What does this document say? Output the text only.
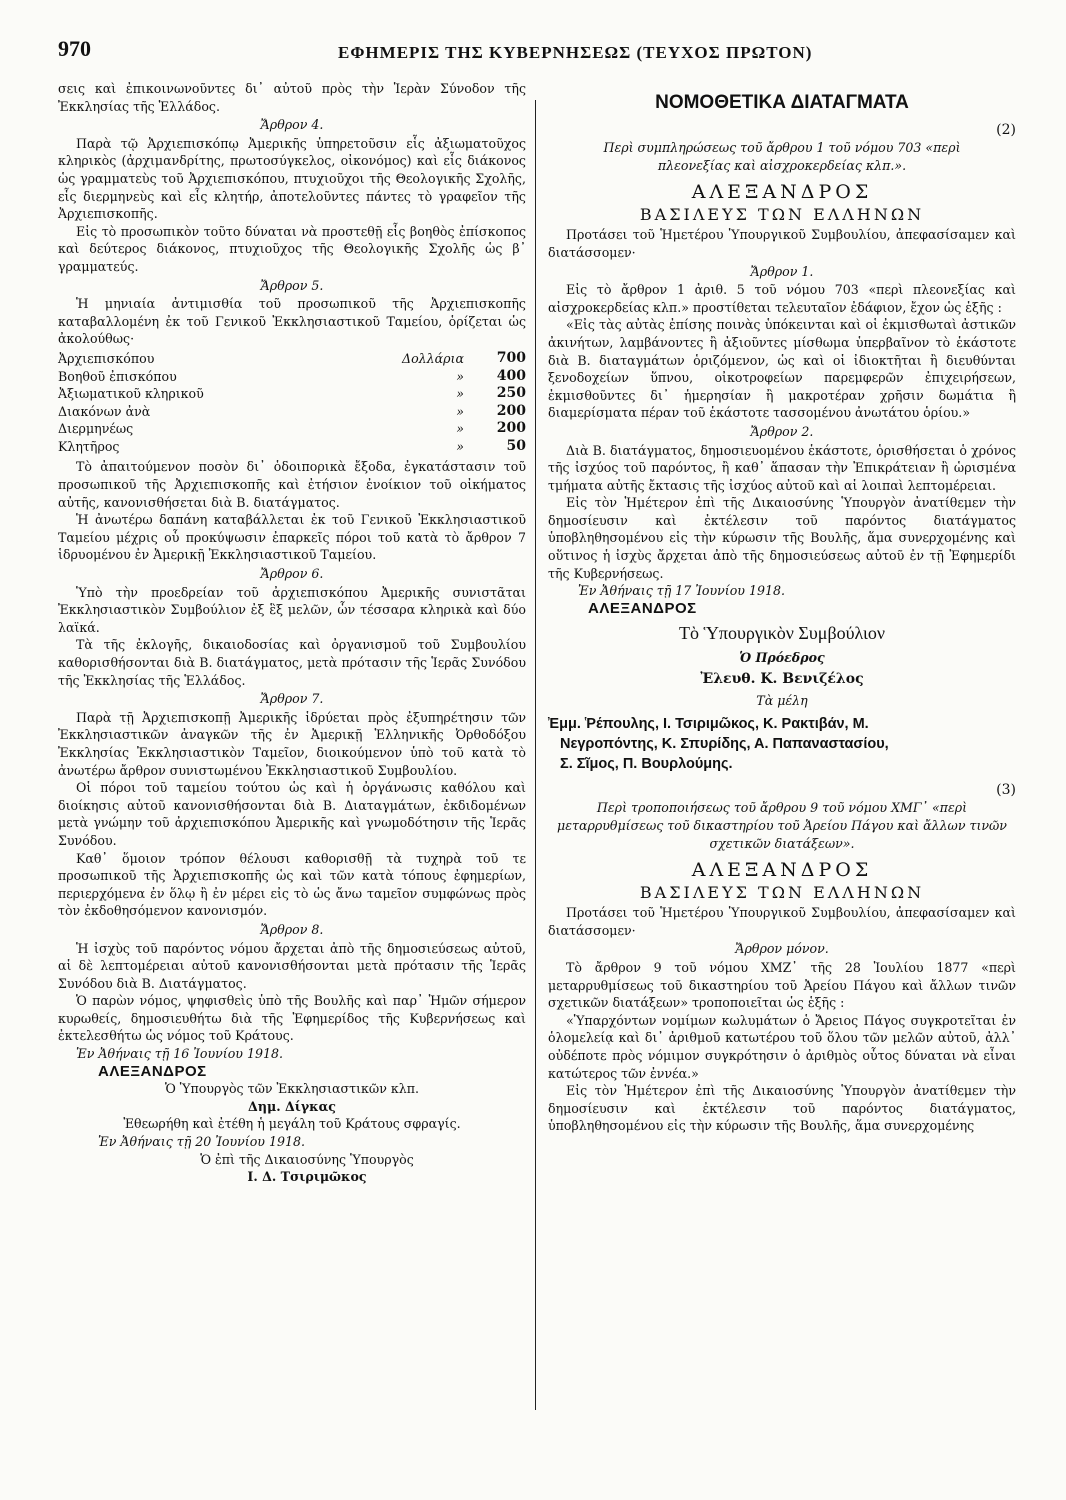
970	ΕΦΗΜΕΡΙΣ ΤΗΣ ΚΥΒΕΡΝΗΣΕΩΣ (ΤΕΥΧΟΣ ΠΡΩΤΟΝ)

σεις καὶ ἐπικοινωνοῦντες δι᾽ αὐτοῦ πρὸς τὴν Ἱερὰν Σύνοδον τῆς Ἐκκλησίας τῆς Ἑλλάδος.

Ἄρθρον 4.

Παρὰ τῷ Ἀρχιεπισκόπῳ Ἀμερικῆς ὑπηρετοῦσιν εἷς ἀξιωματοῦχος κληρικὸς (ἀρχιμανδρίτης, πρωτοσύγκελος, οἰκονόμος) καὶ εἷς διάκονος ὡς γραμματεὺς τοῦ Ἀρχιεπισκόπου, πτυχιοῦχοι τῆς Θεολογικῆς Σχολῆς, εἷς διερμηνεὺς καὶ εἷς κλητήρ, ἀποτελοῦντες πάντες τὸ γραφεῖον τῆς Ἀρχιεπισκοπῆς.

Εἰς τὸ προσωπικὸν τοῦτο δύναται νὰ προστεθῇ εἷς βοηθὸς ἐπίσκοπος καὶ δεύτερος διάκονος, πτυχιοῦχος τῆς Θεολογικῆς Σχολῆς ὡς β᾽ γραμματεύς.

Ἄρθρον 5.

Ἡ μηνιαία ἀντιμισθία τοῦ προσωπικοῦ τῆς Ἀρχιεπισκοπῆς καταβαλλομένη ἐκ τοῦ Γενικοῦ Ἐκκλησιαστικοῦ Ταμείου, ὁρίζεται ὡς ἀκολούθως·

Ἀρχιεπισκόπου	Δολλάρια	700
Βοηθοῦ ἐπισκόπου	»	400
Ἀξιωματικοῦ κληρικοῦ	»	250
Διακόνων ἀνὰ	»	200
Διερμηνέως	»	200
Κλητῆρος	»	50

Τὸ ἀπαιτούμενον ποσὸν δι᾽ ὁδοιπορικὰ ἔξοδα, ἐγκατάστασιν τοῦ προσωπικοῦ τῆς Ἀρχιεπισκοπῆς καὶ ἐτήσιον ἐνοίκιον τοῦ οἰκήματος αὐτῆς, κανονισθήσεται διὰ Β. διατάγματος.

Ἡ ἀνωτέρω δαπάνη καταβάλλεται ἐκ τοῦ Γενικοῦ Ἐκκλησιαστικοῦ Ταμείου μέχρις οὗ προκύψωσιν ἐπαρκεῖς πόροι τοῦ κατὰ τὸ ἄρθρον 7 ἱδρυομένου ἐν Ἀμερικῇ Ἐκκλησιαστικοῦ Ταμείου.

Ἄρθρον 6.

Ὑπὸ τὴν προεδρείαν τοῦ ἀρχιεπισκόπου Ἀμερικῆς συνιστᾶται Ἐκκλησιαστικὸν Συμβούλιον ἐξ ἓξ μελῶν, ὧν τέσσαρα κληρικὰ καὶ δύο λαϊκά.

Τὰ τῆς ἐκλογῆς, δικαιοδοσίας καὶ ὀργανισμοῦ τοῦ Συμβουλίου καθορισθήσονται διὰ Β. διατάγματος, μετὰ πρότασιν τῆς Ἱερᾶς Συνόδου τῆς Ἐκκλησίας τῆς Ἑλλάδος.

Ἄρθρον 7.

Παρὰ τῇ Ἀρχιεπισκοπῇ Ἀμερικῆς ἱδρύεται πρὸς ἐξυπηρέτησιν τῶν Ἐκκλησιαστικῶν ἀναγκῶν τῆς ἐν Ἀμερικῇ Ἑλληνικῆς Ὀρθοδόξου Ἐκκλησίας Ἐκκλησιαστικὸν Ταμεῖον, διοικούμενον ὑπὸ τοῦ κατὰ τὸ ἀνωτέρω ἄρθρον συνιστωμένου Ἐκκλησιαστικοῦ Συμβουλίου.

Οἱ πόροι τοῦ ταμείου τούτου ὡς καὶ ἡ ὀργάνωσις καθόλου καὶ διοίκησις αὐτοῦ κανονισθήσονται διὰ Β. Διαταγμάτων, ἐκδιδομένων μετὰ γνώμην τοῦ ἀρχιεπισκόπου Ἀμερικῆς καὶ γνωμοδότησιν τῆς Ἱερᾶς Συνόδου.

Καθ᾽ ὅμοιον τρόπον θέλουσι καθορισθῇ τὰ τυχηρὰ τοῦ τε προσωπικοῦ τῆς Ἀρχιεπισκοπῆς ὡς καὶ τῶν κατὰ τόπους ἐφημερίων, περιερχόμενα ἐν ὅλῳ ἢ ἐν μέρει εἰς τὸ ὡς ἄνω ταμεῖον συμφώνως πρὸς τὸν ἐκδοθησόμενον κανονισμόν.

Ἄρθρον 8.

Ἡ ἰσχὺς τοῦ παρόντος νόμου ἄρχεται ἀπὸ τῆς δημοσιεύσεως αὐτοῦ, αἱ δὲ λεπτομέρειαι αὐτοῦ κανονισθήσονται μετὰ πρότασιν τῆς Ἱερᾶς Συνόδου διὰ Β. Διατάγματος.

Ὁ παρὼν νόμος, ψηφισθεὶς ὑπὸ τῆς Βουλῆς καὶ παρ᾽ Ἡμῶν σήμερον κυρωθείς, δημοσιευθήτω διὰ τῆς Ἐφημερίδος τῆς Κυβερνήσεως καὶ ἐκτελεσθήτω ὡς νόμος τοῦ Κράτους.

Ἐν Ἀθήναις τῇ 16 Ἰουνίου 1918.
ΑΛΕΞΑΝΔΡΟΣ
Ὁ Ὑπουργὸς τῶν Ἐκκλησιαστικῶν κλπ.
Δημ. Δίγκας
Ἐθεωρήθη καὶ ἐτέθη ἡ μεγάλη τοῦ Κράτους σφραγίς.
Ἐν Ἀθήναις τῇ 20 Ἰουνίου 1918.
Ὁ ἐπὶ τῆς Δικαιοσύνης Ὑπουργὸς
Ι. Δ. Τσιριμῶκος
ΝΟΜΟΘΕΤΙΚΑ ΔΙΑΤΑΓΜΑΤΑ
(2)

Περὶ συμπληρώσεως τοῦ ἄρθρου 1 τοῦ νόμου 703 «περὶ πλεονεξίας καὶ αἰσχροκερδείας κλπ.».

ΑΛΕΞΑΝΔΡΟΣ
ΒΑΣΙΛΕΥΣ ΤΩΝ ΕΛΛΗΝΩΝ

Προτάσει τοῦ Ἡμετέρου Ὑπουργικοῦ Συμβουλίου, ἀπεφασίσαμεν καὶ διατάσσομεν·

Ἄρθρον 1.

Εἰς τὸ ἄρθρον 1 ἀριθ. 5 τοῦ νόμου 703 «περὶ πλεονεξίας καὶ αἰσχροκερδείας κλπ.» προστίθεται τελευταῖον ἐδάφιον, ἔχον ὡς ἑξῆς :

«Εἰς τὰς αὐτὰς ἐπίσης ποινὰς ὑπόκεινται καὶ οἱ ἐκμισθωταὶ ἀστικῶν ἀκινήτων, λαμβάνοντες ἢ ἀξιοῦντες μίσθωμα ὑπερβαῖνον τὸ ἑκάστοτε διὰ Β. διαταγμάτων ὁριζόμενον, ὡς καὶ οἱ ἰδιοκτῆται ἢ διευθύνται ξενοδοχείων ὕπνου, οἰκοτροφείων παρεμφερῶν ἐπιχειρήσεων, ἐκμισθοῦντες δι᾽ ἡμερησίαν ἢ μακροτέραν χρῆσιν δωμάτια ἢ διαμερίσματα πέραν τοῦ ἑκάστοτε τασσομένου ἀνωτάτου ὁρίου.»

Ἄρθρον 2.

Διὰ Β. διατάγματος, δημοσιευομένου ἑκάστοτε, ὁρισθήσεται ὁ χρόνος τῆς ἰσχύος τοῦ παρόντος, ἢ καθ᾽ ἅπασαν τὴν Ἐπικράτειαν ἢ ὡρισμένα τμήματα αὐτῆς ἔκτασις τῆς ἰσχύος αὐτοῦ καὶ αἱ λοιπαὶ λεπτομέρειαι.

Εἰς τὸν Ἡμέτερον ἐπὶ τῆς Δικαιοσύνης Ὑπουργὸν ἀνατίθεμεν τὴν δημοσίευσιν καὶ ἐκτέλεσιν τοῦ παρόντος διατάγματος ὑποβληθησομένου εἰς τὴν κύρωσιν τῆς Βουλῆς, ἅμα συνερχομένης καὶ οὕτινος ἡ ἰσχὺς ἄρχεται ἀπὸ τῆς δημοσιεύσεως αὐτοῦ ἐν τῇ Ἐφημερίδι τῆς Κυβερνήσεως.

Ἐν Ἀθήναις τῇ 17 Ἰουνίου 1918.
ΑΛΕΞΑΝΔΡΟΣ
Τὸ Ὑπουργικὸν Συμβούλιον
Ὁ Πρόεδρος
Ἐλευθ. Κ. Βενιζέλος
Τὰ μέλη
Ἐμμ. Ῥέπουλης, Ι. Τσιριμῶκος, Κ. Ρακτιβάν, Μ.
Νεγροπόντης, Κ. Σπυρίδης, Α. Παπαναστασίου,
Σ. Σῖμος, Π. Βουρλούμης.
(3)

Περὶ τροποποιήσεως τοῦ ἄρθρου 9 τοῦ νόμου ΧΜΓ᾽ «περὶ μεταρρυθμίσεως τοῦ δικαστηρίου τοῦ Ἀρείου Πάγου καὶ ἄλλων τινῶν σχετικῶν διατάξεων».

ΑΛΕΞΑΝΔΡΟΣ
ΒΑΣΙΛΕΥΣ ΤΩΝ ΕΛΛΗΝΩΝ

Προτάσει τοῦ Ἡμετέρου Ὑπουργικοῦ Συμβουλίου, ἀπεφασίσαμεν καὶ διατάσσομεν·

Ἄρθρον μόνον.

Τὸ ἄρθρον 9 τοῦ νόμου ΧΜΖ᾽ τῆς 28 Ἰουλίου 1877 «περὶ μεταρρυθμίσεως τοῦ δικαστηρίου τοῦ Ἀρείου Πάγου καὶ ἄλλων τινῶν σχετικῶν διατάξεων» τροποποιεῖται ὡς ἑξῆς :

«Ὑπαρχόντων νομίμων κωλυμάτων ὁ Ἄρειος Πάγος συγκροτεῖται ἐν ὁλομελείᾳ καὶ δι᾽ ἀριθμοῦ κατωτέρου τοῦ ὅλου τῶν μελῶν αὐτοῦ, ἀλλ᾽ οὐδέποτε πρὸς νόμιμον συγκρότησιν ὁ ἀριθμὸς οὗτος δύναται νὰ εἶναι κατώτερος τῶν ἐννέα.»

Εἰς τὸν Ἡμέτερον ἐπὶ τῆς Δικαιοσύνης Ὑπουργὸν ἀνατίθεμεν τὴν δημοσίευσιν καὶ ἐκτέλεσιν τοῦ παρόντος διατάγματος, ὑποβληθησομένου εἰς τὴν κύρωσιν τῆς Βουλῆς, ἅμα συνερχομένης
